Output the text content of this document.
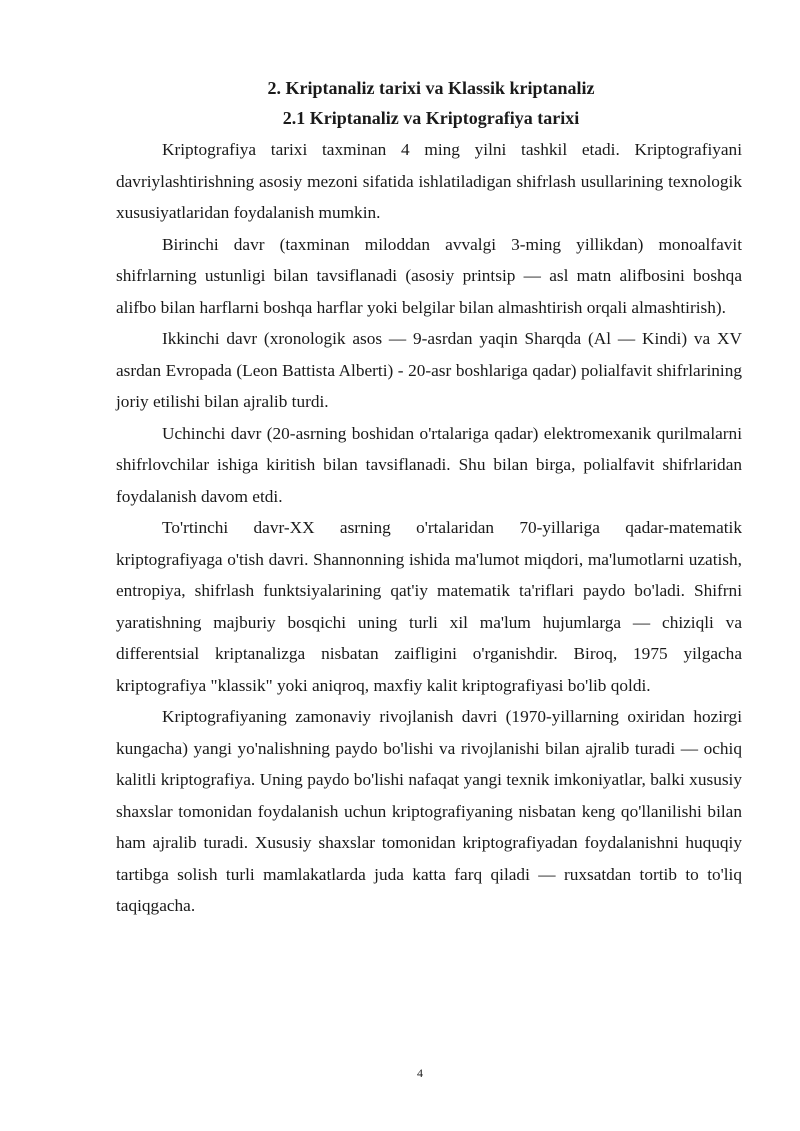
2. Kriptanaliz tarixi va Klassik kriptanaliz
2.1 Kriptanaliz va Kriptografiya tarixi

Kriptografiya tarixi taxminan 4 ming yilni tashkil etadi. Kriptografiyani davriylashtirishning asosiy mezoni sifatida ishlatiladigan shifrlash usullarining texnologik xususiyatlaridan foydalanish mumkin.

Birinchi davr (taxminan miloddan avvalgi 3-ming yillikdan) monoalfavit shifrlarning ustunligi bilan tavsiflanadi (asosiy printsip — asl matn alifbosini boshqa alifbo bilan harflarni boshqa harflar yoki belgilar bilan almashtirish orqali almashtirish).

Ikkinchi davr (xronologik asos — 9-asrdan yaqin Sharqda (Al — Kindi) va XV asrdan Evropada (Leon Battista Alberti) - 20-asr boshlariga qadar) polialfavit shifrlarining joriy etilishi bilan ajralib turdi.

Uchinchi davr (20-asrning boshidan o'rtalariga qadar) elektromexanik qurilmalarni shifrlovchilar ishiga kiritish bilan tavsiflanadi. Shu bilan birga, polialfavit shifrlaridan foydalanish davom etdi.

To'rtinchi davr-XX asrning o'rtalaridan 70-yillariga qadar-matematik kriptografiyaga o'tish davri. Shannonning ishida ma'lumot miqdori, ma'lumotlarni uzatish, entropiya, shifrlash funktsiyalarining qat'iy matematik ta'riflari paydo bo'ladi. Shifrni yaratishning majburiy bosqichi uning turli xil ma'lum hujumlarga — chiziqli va differentsial kriptanalizga nisbatan zaifligini o'rganishdir. Biroq, 1975 yilgacha kriptografiya "klassik" yoki aniqroq, maxfiy kalit kriptografiyasi bo'lib qoldi.

Kriptografiyaning zamonaviy rivojlanish davri (1970-yillarning oxiridan hozirgi kungacha) yangi yo'nalishning paydo bo'lishi va rivojlanishi bilan ajralib turadi — ochiq kalitli kriptografiya. Uning paydo bo'lishi nafaqat yangi texnik imkoniyatlar, balki xususiy shaxslar tomonidan foydalanish uchun kriptografiyaning nisbatan keng qo'llanilishi bilan ham ajralib turadi. Xususiy shaxslar tomonidan kriptografiyadan foydalanishni huquqiy tartibga solish turli mamlakatlarda juda katta farq qiladi — ruxsatdan tortib to to'liq taqiqgacha.

4
